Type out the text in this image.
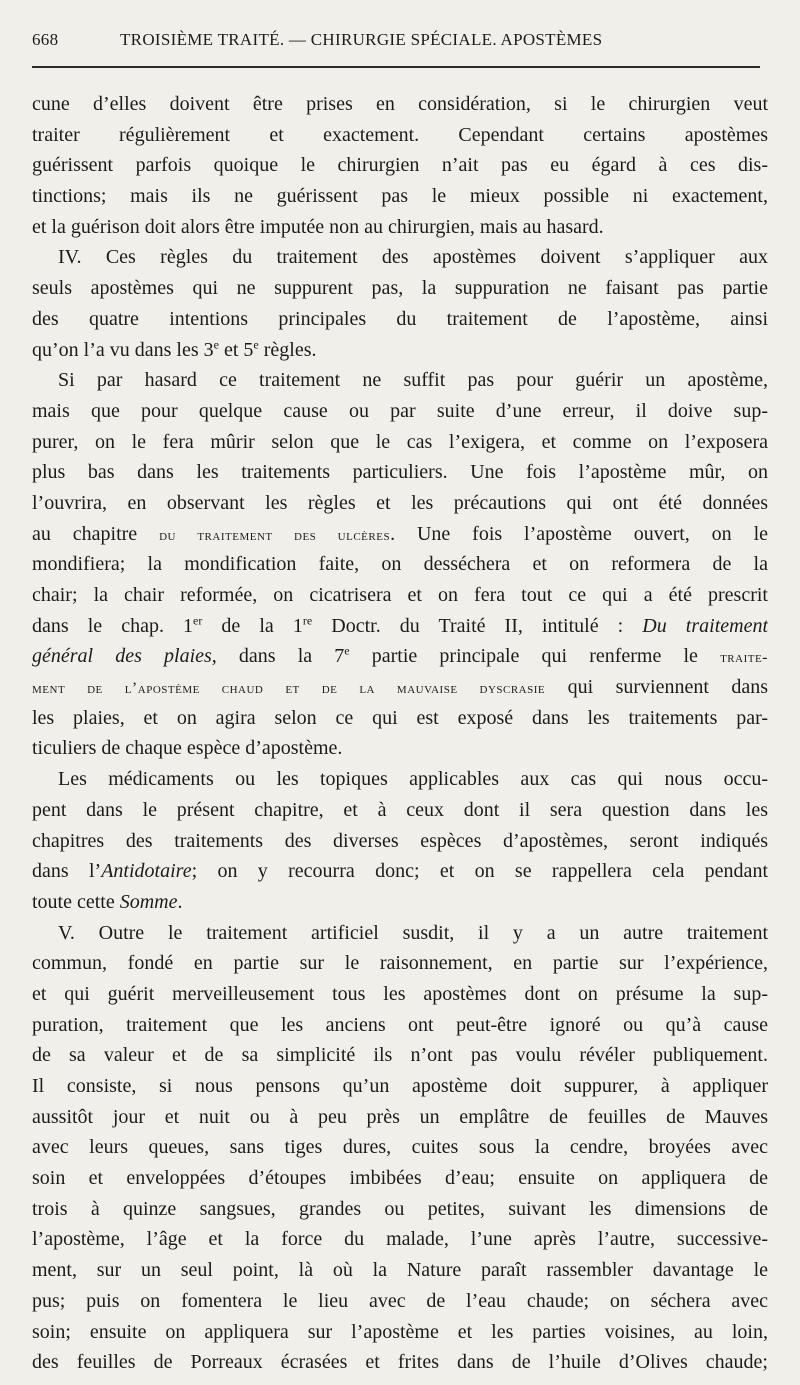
668	TROISIÈME TRAITÉ. — CHIRURGIE SPÉCIALE. APOSTÈMES
cune d’elles doivent être prises en considération, si le chirurgien veut
traiter régulièrement et exactement. Cependant certains apostèmes
guérissent parfois quoique le chirurgien n’ait pas eu égard à ces dis-
tinctions; mais ils ne guérissent pas le mieux possible ni exactement,
et la guérison doit alors être imputée non au chirurgien, mais au hasard.
IV. Ces règles du traitement des apostèmes doivent s’appliquer aux
seuls apostèmes qui ne suppurent pas, la suppuration ne faisant pas partie
des quatre intentions principales du traitement de l’apostème, ainsi
qu’on l’a vu dans les 3e et 5e règles.
Si par hasard ce traitement ne suffit pas pour guérir un apostème,
mais que pour quelque cause ou par suite d’une erreur, il doive sup-
purer, on le fera mûrir selon que le cas l’exigera, et comme on l’exposera
plus bas dans les traitements particuliers. Une fois l’apostème mûr, on
l’ouvrira, en observant les règles et les précautions qui ont été données
au chapitre du traitement des ulcères. Une fois l’apostème ouvert, on le
mondifiera; la mondification faite, on desséchera et on reformera de la
chair; la chair reformée, on cicatrisera et on fera tout ce qui a été prescrit
dans le chap. 1er de la 1re Doctr. du Traité II, intitulé : Du traitement
général des plaies, dans la 7e partie principale qui renferme le traite-
ment de l’apostème chaud et de la mauvaise dyscrasie qui surviennent dans
les plaies, et on agira selon ce qui est exposé dans les traitements par-
ticuliers de chaque espèce d’apostème.
Les médicaments ou les topiques applicables aux cas qui nous occu-
pent dans le présent chapitre, et à ceux dont il sera question dans les
chapitres des traitements des diverses espèces d’apostèmes, seront indiqués
dans l’Antidotaire; on y recourra donc; et on se rappellera cela pendant
toute cette Somme.
V. Outre le traitement artificiel susdit, il y a un autre traitement
commun, fondé en partie sur le raisonnement, en partie sur l’expérience,
et qui guérit merveilleusement tous les apostèmes dont on présume la sup-
puration, traitement que les anciens ont peut-être ignoré ou qu’à cause
de sa valeur et de sa simplicité ils n’ont pas voulu révéler publiquement.
Il consiste, si nous pensons qu’un apostème doit suppurer, à appliquer
aussitôt jour et nuit ou à peu près un emplâtre de feuilles de Mauves
avec leurs queues, sans tiges dures, cuites sous la cendre, broyées avec
soin et enveloppées d’étoupes imbibées d’eau; ensuite on appliquera de
trois à quinze sangsues, grandes ou petites, suivant les dimensions de
l’apostème, l’âge et la force du malade, l’une après l’autre, successive-
ment, sur un seul point, là où la Nature paraît rassembler davantage le
pus; puis on fomentera le lieu avec de l’eau chaude; on séchera avec
soin; ensuite on appliquera sur l’apostème et les parties voisines, au loin,
des feuilles de Porreaux écrasées et frites dans de l’huile d’Olives chaude;
